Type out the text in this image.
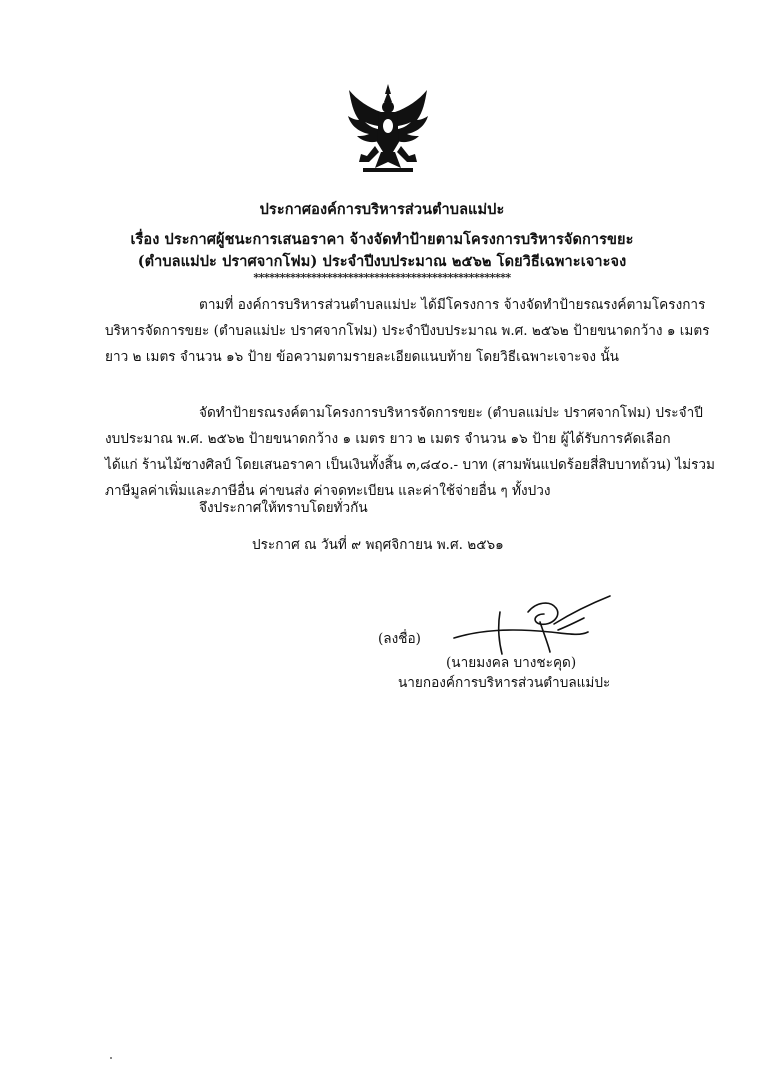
ประกาศองค์การบริหารส่วนตำบลแม่ปะ
เรื่อง ประกาศผู้ชนะการเสนอราคา จ้างจัดทำป้ายตามโครงการบริหารจัดการขยะ
(ตำบลแม่ปะ ปราศจากโฟม) ประจำปีงบประมาณ ๒๕๖๒ โดยวิธีเฉพาะเจาะจง
*************************************************
ตามที่ องค์การบริหารส่วนตำบลแม่ปะ ได้มีโครงการ จ้างจัดทำป้ายรณรงค์ตามโครงการ
บริหารจัดการขยะ (ตำบลแม่ปะ ปราศจากโฟม) ประจำปีงบประมาณ พ.ศ. ๒๕๖๒ ป้ายขนาดกว้าง ๑ เมตร
ยาว ๒ เมตร จำนวน ๑๖ ป้าย ข้อความตามรายละเอียดแนบท้าย โดยวิธีเฉพาะเจาะจง นั้น
จัดทำป้ายรณรงค์ตามโครงการบริหารจัดการขยะ (ตำบลแม่ปะ ปราศจากโฟม) ประจำปี
งบประมาณ พ.ศ. ๒๕๖๒ ป้ายขนาดกว้าง ๑ เมตร ยาว ๒ เมตร จำนวน ๑๖ ป้าย ผู้ได้รับการคัดเลือก
ได้แก่ ร้านไม้ซางศิลป์ โดยเสนอราคา เป็นเงินทั้งสิ้น ๓,๘๔๐.- บาท (สามพันแปดร้อยสี่สิบบาทถ้วน) ไม่รวม
ภาษีมูลค่าเพิ่มและภาษีอื่น ค่าขนส่ง ค่าจดทะเบียน และค่าใช้จ่ายอื่น ๆ ทั้งปวง
จึงประกาศให้ทราบโดยทั่วกัน
ประกาศ ณ วันที่ ๙ พฤศจิกายน พ.ศ. ๒๕๖๑
(ลงชื่อ)
(นายมงคล บางชะคุด)
นายกองค์การบริหารส่วนตำบลแม่ปะ
